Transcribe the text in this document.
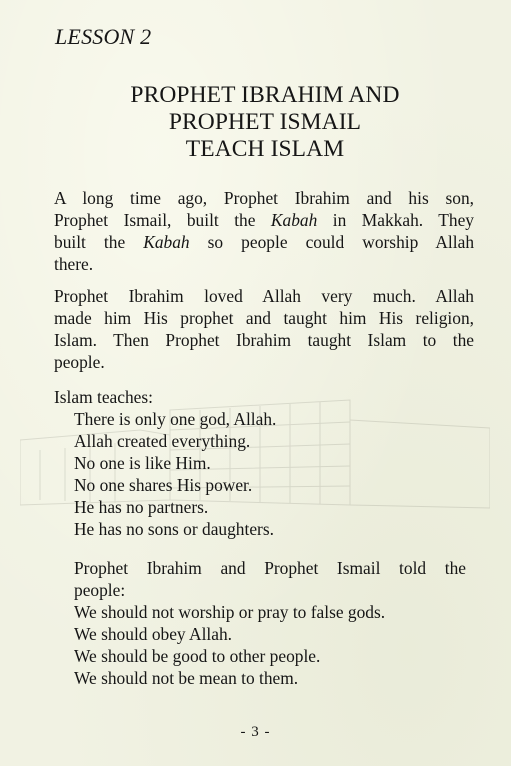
LESSON 2
PROPHET IBRAHIM AND
PROPHET ISMAIL
TEACH ISLAM

A long time ago, Prophet Ibrahim and his son,
Prophet Ismail, built the Kabah in Makkah. They
built the Kabah so people could worship Allah
there.

Prophet Ibrahim loved Allah very much. Allah
made him His prophet and taught him His religion,
Islam. Then Prophet Ibrahim taught Islam to the
people.

Islam teaches:
There is only one god, Allah.
Allah created everything.
No one is like Him.
No one shares His power.
He has no partners.
He has no sons or daughters.
Prophet Ibrahim and Prophet Ismail told the
people:
We should not worship or pray to false gods.
We should obey Allah.
We should be good to other people.
We should not be mean to them.
- 3 -
